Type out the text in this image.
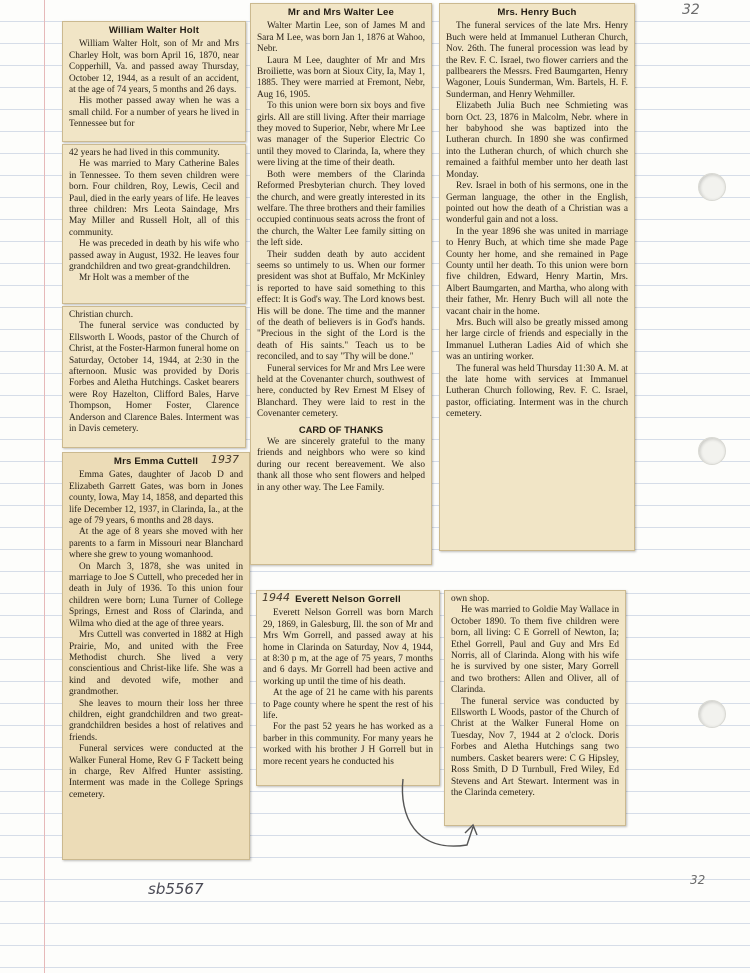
32
sb5567	32
William Walter Holt

William Walter Holt, son of Mr and Mrs Charley Holt, was born April 16, 1870, near Copperhill, Va. and passed away Thursday, October 12, 1944, as a result of an accident, at the age of 74 years, 5 months and 26 days.

His mother passed away when he was a small child. For a number of years he lived in Tennessee but for

42 years he had lived in this community.

He was married to Mary Catherine Bales in Tennessee. To them seven children were born. Four children, Roy, Lewis, Cecil and Paul, died in the early years of life. He leaves three children: Mrs Leota Saindage, Mrs May Miller and Russell Holt, all of this community.

He was preceded in death by his wife who passed away in August, 1932. He leaves four grandchildren and two great-grandchildren.

Mr Holt was a member of the

Christian church.

The funeral service was conducted by Ellsworth L Woods, pastor of the Church of Christ, at the Foster-Harmon funeral home on Saturday, October 14, 1944, at 2:30 in the afternoon. Music was provided by Doris Forbes and Aletha Hutchings. Casket bearers were Roy Hazelton, Clifford Bales, Harve Thompson, Homer Foster, Clarence Anderson and Clarence Bales. Interment was in Davis cemetery.

Mrs Emma Cuttell	1937

Emma Gates, daughter of Jacob D and Elizabeth Garrett Gates, was born in Jones county, Iowa, May 14, 1858, and departed this life December 12, 1937, in Clarinda, Ia., at the age of 79 years, 6 months and 28 days.

At the age of 8 years she moved with her parents to a farm in Missouri near Blanchard where she grew to young womanhood.

On March 3, 1878, she was united in marriage to Joe S Cuttell, who preceded her in death in July of 1936. To this union four children were born; Luna Turner of College Springs, Ernest and Ross of Clarinda, and Wilma who died at the age of three years.

Mrs Cuttell was converted in 1882 at High Prairie, Mo, and united with the Free Methodist church. She lived a very conscientious and Christ-like life. She was a kind and devoted wife, mother and grandmother.

She leaves to mourn their loss her three children, eight grandchildren and two great-grandchildren besides a host of relatives and friends.

Funeral services were conducted at the Walker Funeral Home, Rev G F Tackett being in charge, Rev Alfred Hunter assisting. Interment was made in the College Springs cemetery.

Mr and Mrs Walter Lee

Walter Martin Lee, son of James M and Sara M Lee, was born Jan 1, 1876 at Wahoo, Nebr.

Laura M Lee, daughter of Mr and Mrs Broiliette, was born at Sioux City, Ia, May 1, 1885. They were married at Fremont, Nebr, Aug 16, 1905.

To this union were born six boys and five girls. All are still living. After their marriage they moved to Superior, Nebr, where Mr Lee was manager of the Superior Electric Co until they moved to Clarinda, Ia, where they were living at the time of their death.

Both were members of the Clarinda Reformed Presbyterian church. They loved the church, and were greatly interested in its welfare. The three brothers and their families occupied continuous seats across the front of the church, the Walter Lee family sitting on the left side.

Their sudden death by auto accident seems so untimely to us. When our former president was shot at Buffalo, Mr McKinley is reported to have said something to this effect: It is God's way. The Lord knows best. His will be done. The time and the manner of the death of believers is in God's hands. "Precious in the sight of the Lord is the death of His saints." Teach us to be reconciled, and to say "Thy will be done."

Funeral services for Mr and Mrs Lee were held at the Covenanter church, southwest of here, conducted by Rev Ernest M Elsey of Blanchard. They were laid to rest in the Covenanter cemetery.

CARD OF THANKS

We are sincerely grateful to the many friends and neighbors who were so kind during our recent bereavement. We also thank all those who sent flowers and helped in any other way. The Lee Family.

Mrs. Henry Buch

The funeral services of the late Mrs. Henry Buch were held at Immanuel Lutheran Church, Nov. 26th. The funeral procession was lead by the Rev. F. C. Israel, two flower carriers and the pallbearers the Messrs. Fred Baumgarten, Henry Wagoner, Louis Sunderman, Wm. Bartels, H. F. Sunderman, and Henry Wehmiller.

Elizabeth Julia Buch nee Schmieting was born Oct. 23, 1876 in Malcolm, Nebr. where in her babyhood she was baptized into the Lutheran church. In 1890 she was confirmed into the Lutheran church, of which church she remained a faithful member unto her death last Monday.

Rev. Israel in both of his sermons, one in the German language, the other in the English, pointed out how the death of a Christian was a wonderful gain and not a loss.

In the year 1896 she was united in marriage to Henry Buch, at which time she made Page County her home, and she remained in Page County until her death. To this union were born five children, Edward, Henry Martin, Mrs. Albert Baumgarten, and Martha, who along with their father, Mr. Henry Buch will all note the vacant chair in the home.

Mrs. Buch will also be greatly missed among her large circle of friends and especially in the Immanuel Lutheran Ladies Aid of which she was an untiring worker.

The funeral was held Thursday 11:30 A. M. at the late home with services at Immanuel Lutheran Church following, Rev. F. C. Israel, pastor, officiating. Interment was in the church cemetery.

Everett Nelson Gorrell
1944

Everett Nelson Gorrell was born March 29, 1869, in Galesburg, Ill. the son of Mr and Mrs Wm Gorrell, and passed away at his home in Clarinda on Saturday, Nov 4, 1944, at 8:30 p m, at the age of 75 years, 7 months and 6 days. Mr Gorrell had been active and working up until the time of his death.

At the age of 21 he came with his parents to Page county where he spent the rest of his life.

For the past 52 years he has worked as a barber in this community. For many years he worked with his brother J H Gorrell but in more recent years he conducted his

own shop.

He was married to Goldie May Wallace in October 1890. To them five children were born, all living: C E Gorrell of Newton, Ia; Ethel Gorrell, Paul and Guy and Mrs Ed Norris, all of Clarinda. Along with his wife he is survived by one sister, Mary Gorrell and two brothers: Allen and Oliver, all of Clarinda.

The funeral service was conducted by Ellsworth L Woods, pastor of the Church of Christ at the Walker Funeral Home on Tuesday, Nov 7, 1944 at 2 o'clock. Doris Forbes and Aletha Hutchings sang two numbers. Casket bearers were: C G Hipsley, Ross Smith, D D Turnbull, Fred Wiley, Ed Stevens and Art Stewart. Interment was in the Clarinda cemetery.
